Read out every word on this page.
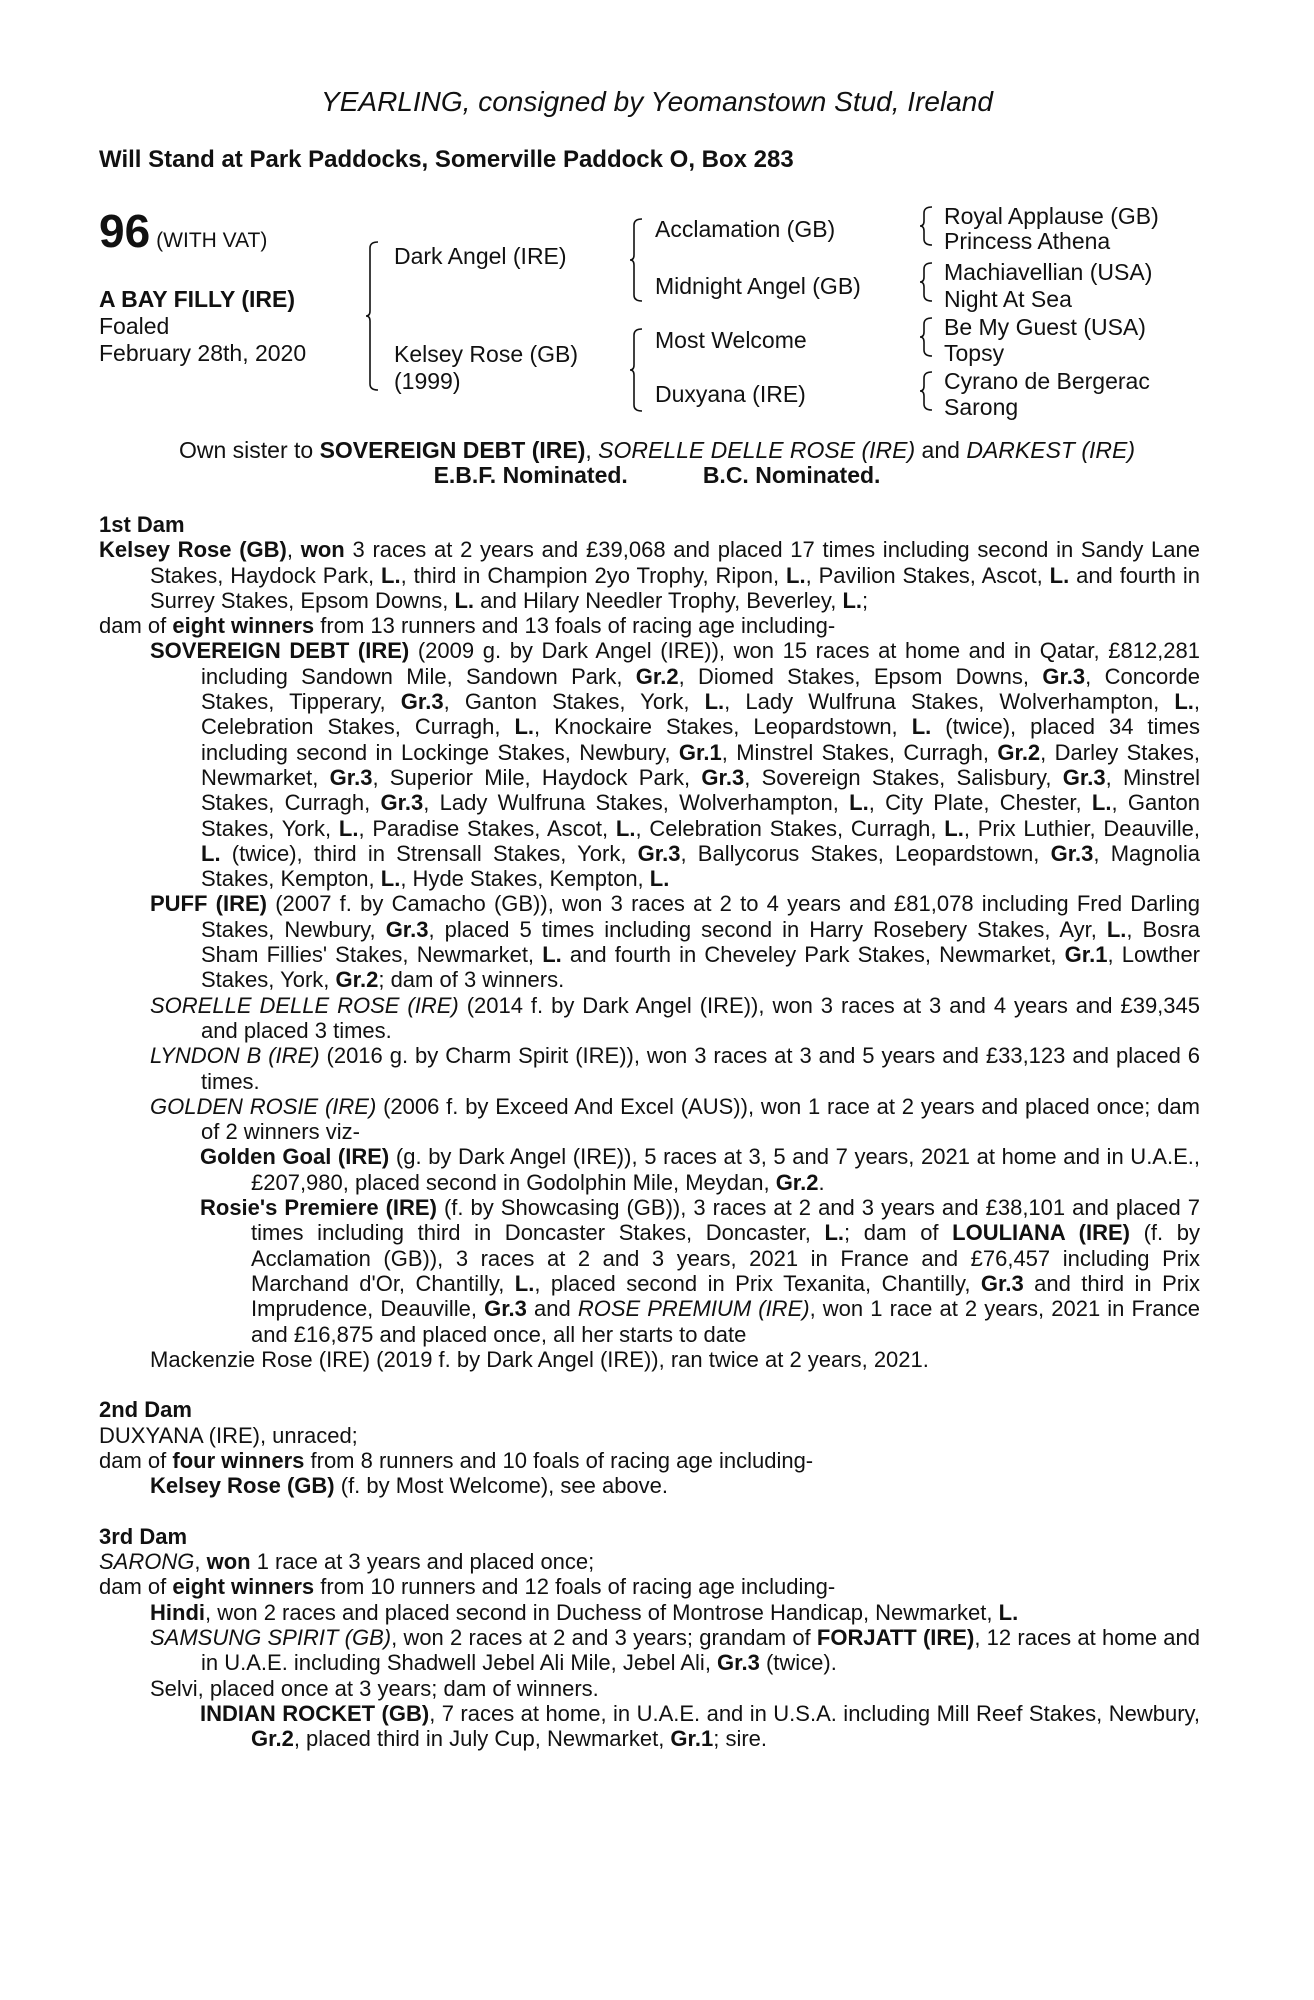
YEARLING, consigned by Yeomanstown Stud, Ireland
Will Stand at Park Paddocks, Somerville Paddock O, Box 283
96 (WITH VAT)
A BAY FILLY (IRE)
Foaled
February 28th, 2020
Dark Angel (IRE)
Kelsey Rose (GB)
(1999)
Acclamation (GB)
Midnight Angel (GB)
Most Welcome
Duxyana (IRE)
Royal Applause (GB)
Princess Athena
Machiavellian (USA)
Night At Sea
Be My Guest (USA)
Topsy
Cyrano de Bergerac
Sarong
Own sister to SOVEREIGN DEBT (IRE), SORELLE DELLE ROSE (IRE) and DARKEST (IRE)
E.B.F. Nominated.	B.C. Nominated.
1st Dam
Kelsey Rose (GB), won 3 races at 2 years and £39,068 and placed 17 times including second in Sandy Lane Stakes, Haydock Park, L., third in Champion 2yo Trophy, Ripon, L., Pavilion Stakes, Ascot, L. and fourth in Surrey Stakes, Epsom Downs, L. and Hilary Needler Trophy, Beverley, L.;
dam of eight winners from 13 runners and 13 foals of racing age including-
SOVEREIGN DEBT (IRE) (2009 g. by Dark Angel (IRE)), won 15 races at home and in Qatar, £812,281 including Sandown Mile, Sandown Park, Gr.2, Diomed Stakes, Epsom Downs, Gr.3, Concorde Stakes, Tipperary, Gr.3, Ganton Stakes, York, L., Lady Wulfruna Stakes, Wolverhampton, L., Celebration Stakes, Curragh, L., Knockaire Stakes, Leopardstown, L. (twice), placed 34 times including second in Lockinge Stakes, Newbury, Gr.1, Minstrel Stakes, Curragh, Gr.2, Darley Stakes, Newmarket, Gr.3, Superior Mile, Haydock Park, Gr.3, Sovereign Stakes, Salisbury, Gr.3, Minstrel Stakes, Curragh, Gr.3, Lady Wulfruna Stakes, Wolverhampton, L., City Plate, Chester, L., Ganton Stakes, York, L., Paradise Stakes, Ascot, L., Celebration Stakes, Curragh, L., Prix Luthier, Deauville, L. (twice), third in Strensall Stakes, York, Gr.3, Ballycorus Stakes, Leopardstown, Gr.3, Magnolia Stakes, Kempton, L., Hyde Stakes, Kempton, L.
PUFF (IRE) (2007 f. by Camacho (GB)), won 3 races at 2 to 4 years and £81,078 including Fred Darling Stakes, Newbury, Gr.3, placed 5 times including second in Harry Rosebery Stakes, Ayr, L., Bosra Sham Fillies' Stakes, Newmarket, L. and fourth in Cheveley Park Stakes, Newmarket, Gr.1, Lowther Stakes, York, Gr.2; dam of 3 winners.
SORELLE DELLE ROSE (IRE) (2014 f. by Dark Angel (IRE)), won 3 races at 3 and 4 years and £39,345 and placed 3 times.
LYNDON B (IRE) (2016 g. by Charm Spirit (IRE)), won 3 races at 3 and 5 years and £33,123 and placed 6 times.
GOLDEN ROSIE (IRE) (2006 f. by Exceed And Excel (AUS)), won 1 race at 2 years and placed once; dam of 2 winners viz-
Golden Goal (IRE) (g. by Dark Angel (IRE)), 5 races at 3, 5 and 7 years, 2021 at home and in U.A.E., £207,980, placed second in Godolphin Mile, Meydan, Gr.2.
Rosie's Premiere (IRE) (f. by Showcasing (GB)), 3 races at 2 and 3 years and £38,101 and placed 7 times including third in Doncaster Stakes, Doncaster, L.; dam of LOULIANA (IRE) (f. by Acclamation (GB)), 3 races at 2 and 3 years, 2021 in France and £76,457 including Prix Marchand d'Or, Chantilly, L., placed second in Prix Texanita, Chantilly, Gr.3 and third in Prix Imprudence, Deauville, Gr.3 and ROSE PREMIUM (IRE), won 1 race at 2 years, 2021 in France and £16,875 and placed once, all her starts to date
Mackenzie Rose (IRE) (2019 f. by Dark Angel (IRE)), ran twice at 2 years, 2021.
2nd Dam
DUXYANA (IRE), unraced;
dam of four winners from 8 runners and 10 foals of racing age including-
Kelsey Rose (GB) (f. by Most Welcome), see above.
3rd Dam
SARONG, won 1 race at 3 years and placed once;
dam of eight winners from 10 runners and 12 foals of racing age including-
Hindi, won 2 races and placed second in Duchess of Montrose Handicap, Newmarket, L.
SAMSUNG SPIRIT (GB), won 2 races at 2 and 3 years; grandam of FORJATT (IRE), 12 races at home and in U.A.E. including Shadwell Jebel Ali Mile, Jebel Ali, Gr.3 (twice).
Selvi, placed once at 3 years; dam of winners.
INDIAN ROCKET (GB), 7 races at home, in U.A.E. and in U.S.A. including Mill Reef Stakes, Newbury, Gr.2, placed third in July Cup, Newmarket, Gr.1; sire.
